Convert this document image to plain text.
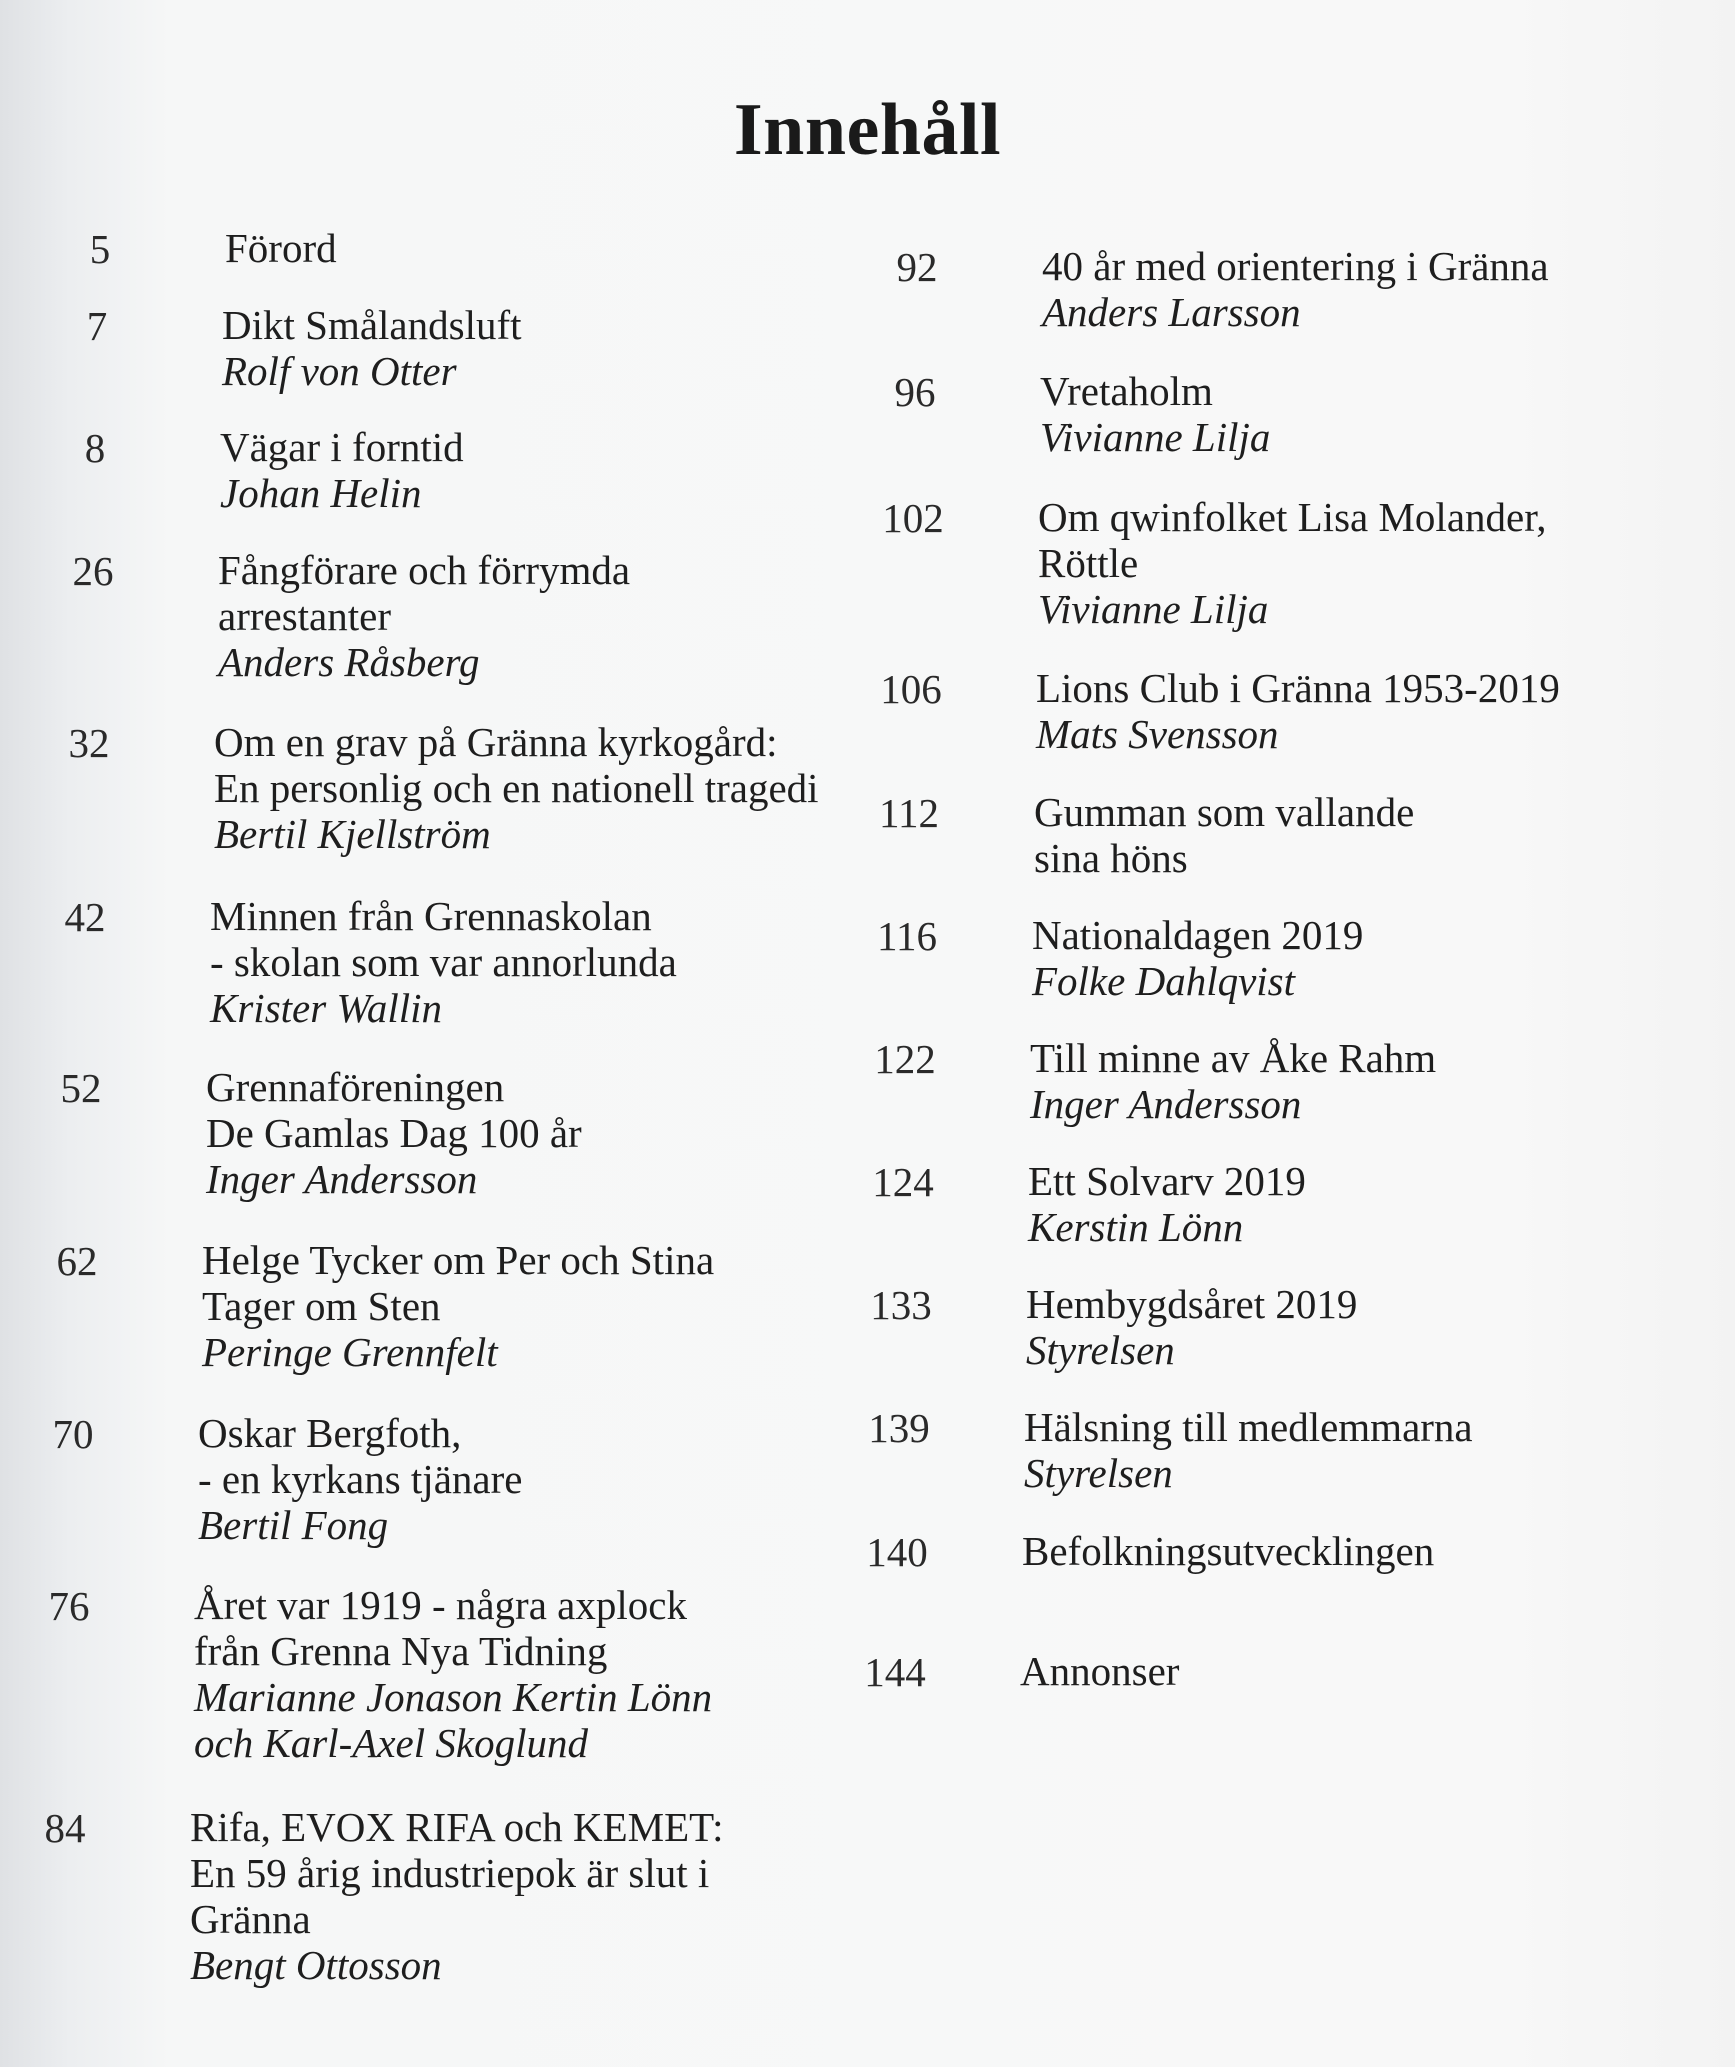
Innehåll
5	Förord
7	Dikt Smålandsluft
Rolf von Otter
8	Vägar i forntid
Johan Helin
26	Fångförare och förrymda
arrestanter
Anders Råsberg
32	Om en grav på Gränna kyrkogård:
En personlig och en nationell tragedi
Bertil Kjellström
42	Minnen från Grennaskolan
- skolan som var annorlunda
Krister Wallin
52	Grennaföreningen
De Gamlas Dag 100 år
Inger Andersson
62	Helge Tycker om Per och Stina
Tager om Sten
Peringe Grennfelt
70	Oskar Bergfoth,
- en kyrkans tjänare
Bertil Fong
76	Året var 1919 - några axplock
från Grenna Nya Tidning
Marianne Jonason Kertin Lönn
och Karl-Axel Skoglund
84	Rifa, EVOX RIFA och KEMET:
En 59 årig industriepok är slut i
Gränna
Bengt Ottosson
92	40 år med orientering i Gränna
Anders Larsson
96	Vretaholm
Vivianne Lilja
102	Om qwinfolket Lisa Molander,
Röttle
Vivianne Lilja
106	Lions Club i Gränna 1953-2019
Mats Svensson
112	Gumman som vallande
sina höns
116	Nationaldagen 2019
Folke Dahlqvist
122	Till minne av Åke Rahm
Inger Andersson
124	Ett Solvarv 2019
Kerstin Lönn
133	Hembygdsåret 2019
Styrelsen
139	Hälsning till medlemmarna
Styrelsen
140	Befolkningsutvecklingen
144	Annonser
